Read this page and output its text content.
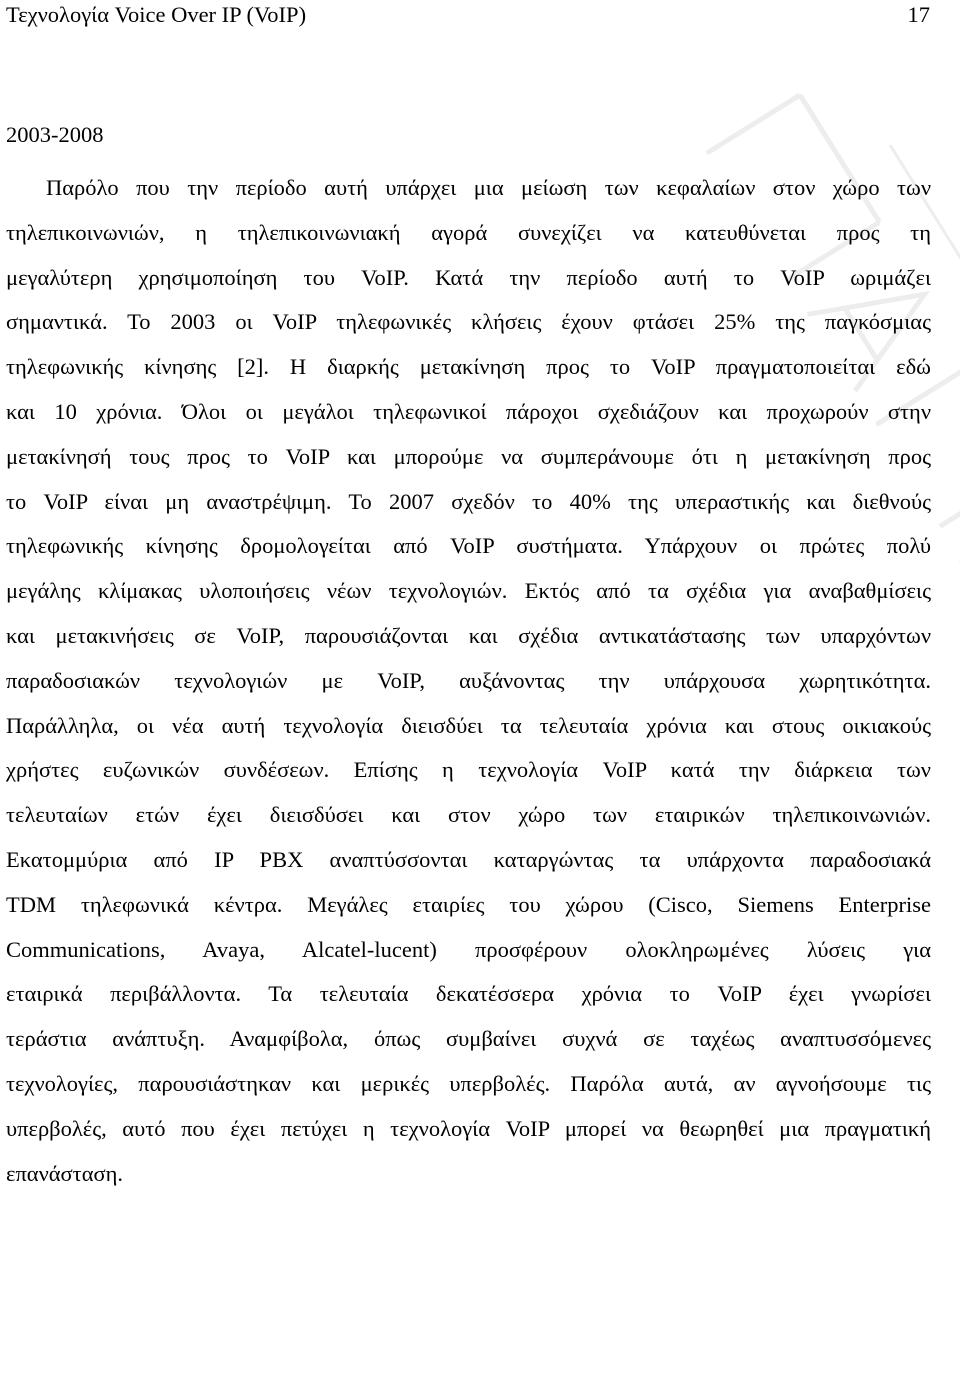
Τεχνολογία Voice Over IP (VoIP)	17
2003-2008
Παρόλο που την περίοδο αυτή υπάρχει μια μείωση των κεφαλαίων στον χώρο των
τηλεπικοινωνιών, η τηλεπικοινωνιακή αγορά συνεχίζει να κατευθύνεται προς τη
μεγαλύτερη χρησιμοποίηση του VoIP. Κατά την περίοδο αυτή το VoIP ωριμάζει
σημαντικά. Το 2003 οι VoIP τηλεφωνικές κλήσεις έχουν φτάσει 25% της παγκόσμιας
τηλεφωνικής κίνησης [2]. Η διαρκής μετακίνηση προς το VoIP πραγματοποιείται εδώ
και 10 χρόνια. Όλοι οι μεγάλοι τηλεφωνικοί πάροχοι σχεδιάζουν και προχωρούν στην
μετακίνησή τους προς το VoIP και μπορούμε να συμπεράνουμε ότι η μετακίνηση προς
το VoIP είναι μη αναστρέψιμη. Το 2007 σχεδόν το 40% της υπεραστικής και διεθνούς
τηλεφωνικής κίνησης δρομολογείται από VoIP συστήματα. Υπάρχουν οι πρώτες πολύ
μεγάλης κλίμακας υλοποιήσεις νέων τεχνολογιών. Εκτός από τα σχέδια για αναβαθμίσεις
και μετακινήσεις σε VoIP, παρουσιάζονται και σχέδια αντικατάστασης των υπαρχόντων
παραδοσιακών τεχνολογιών με VoIP, αυξάνοντας την υπάρχουσα χωρητικότητα.
Παράλληλα, οι νέα αυτή τεχνολογία διεισδύει τα τελευταία χρόνια και στους οικιακούς
χρήστες ευζωνικών συνδέσεων. Επίσης η τεχνολογία VoIP κατά την διάρκεια των
τελευταίων ετών έχει διεισδύσει και στον χώρο των εταιρικών τηλεπικοινωνιών.
Εκατομμύρια από IP PBX αναπτύσσονται καταργώντας τα υπάρχοντα παραδοσιακά
TDM τηλεφωνικά κέντρα. Μεγάλες εταιρίες του χώρου (Cisco, Siemens Enterprise
Communications, Avaya, Alcatel-lucent) προσφέρουν ολοκληρωμένες λύσεις για
εταιρικά περιβάλλοντα. Τα τελευταία δεκατέσσερα χρόνια το VoIP έχει γνωρίσει
τεράστια ανάπτυξη. Αναμφίβολα, όπως συμβαίνει συχνά σε ταχέως αναπτυσσόμενες
τεχνολογίες, παρουσιάστηκαν και μερικές υπερβολές. Παρόλα αυτά, αν αγνοήσουμε τις
υπερβολές, αυτό που έχει πετύχει η τεχνολογία VoIP μπορεί να θεωρηθεί μια πραγματική
επανάσταση.
